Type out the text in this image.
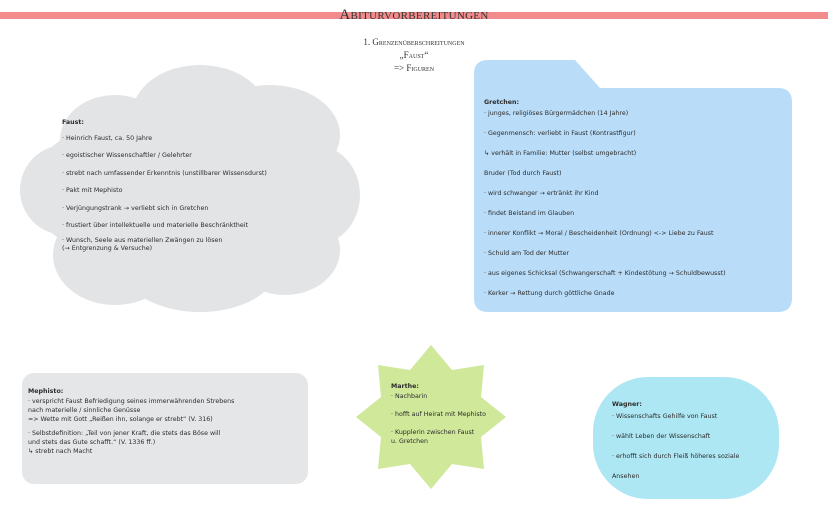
Abiturvorbereitungen
1. Grenzenüberschreitungen
„Faust“
=> Figuren
Faust:
· Heinrich Faust, ca. 50 Jahre
· egoistischer Wissenschaftler / Gelehrter
· strebt nach umfassender Erkenntnis (unstillbarer Wissensdurst)
· Pakt mit Mephisto
· Verjüngungstrank → verliebt sich in Gretchen
· frustiert über intellektuelle und materielle Beschränktheit
· Wunsch, Seele aus materiellen Zwängen zu lösen
(→ Entgrenzung & Versuche)
Gretchen:
· junges, religiöses Bürgermädchen (14 Jahre)
· Gegenmensch: verliebt in Faust (Kontrastfigur)
↳ verhält in Familie: Mutter (selbst umgebracht)
Bruder (Tod durch Faust)
· wird schwanger → ertränkt ihr Kind
· findet Beistand im Glauben
· innerer Konflikt → Moral / Bescheidenheit (Ordnung) <-> Liebe zu Faust
· Schuld am Tod der Mutter
· aus eigenes Schicksal (Schwangerschaft + Kindestötung → Schuldbewusst)
· Kerker → Rettung durch göttliche Gnade
Mephisto:
· verspricht Faust Befriedigung seines immerwährenden Strebens
nach materielle / sinnliche Genüsse
=> Wette mit Gott „Reißen ihn, solange er strebt“ (V. 316)
· Selbstdefinition: „Teil von jener Kraft, die stets das Böse will
und stets das Gute schafft.“ (V. 1336 ff.)
↳ strebt nach Macht
Marthe:
· Nachbarin
· hofft auf Heirat mit Mephisto
· Kupplerin zwischen Faust
u. Gretchen
Wagner:
· Wissenschafts Gehilfe von Faust
· wählt Leben der Wissenschaft
· erhofft sich durch Fleiß höheres soziale
Ansehen
